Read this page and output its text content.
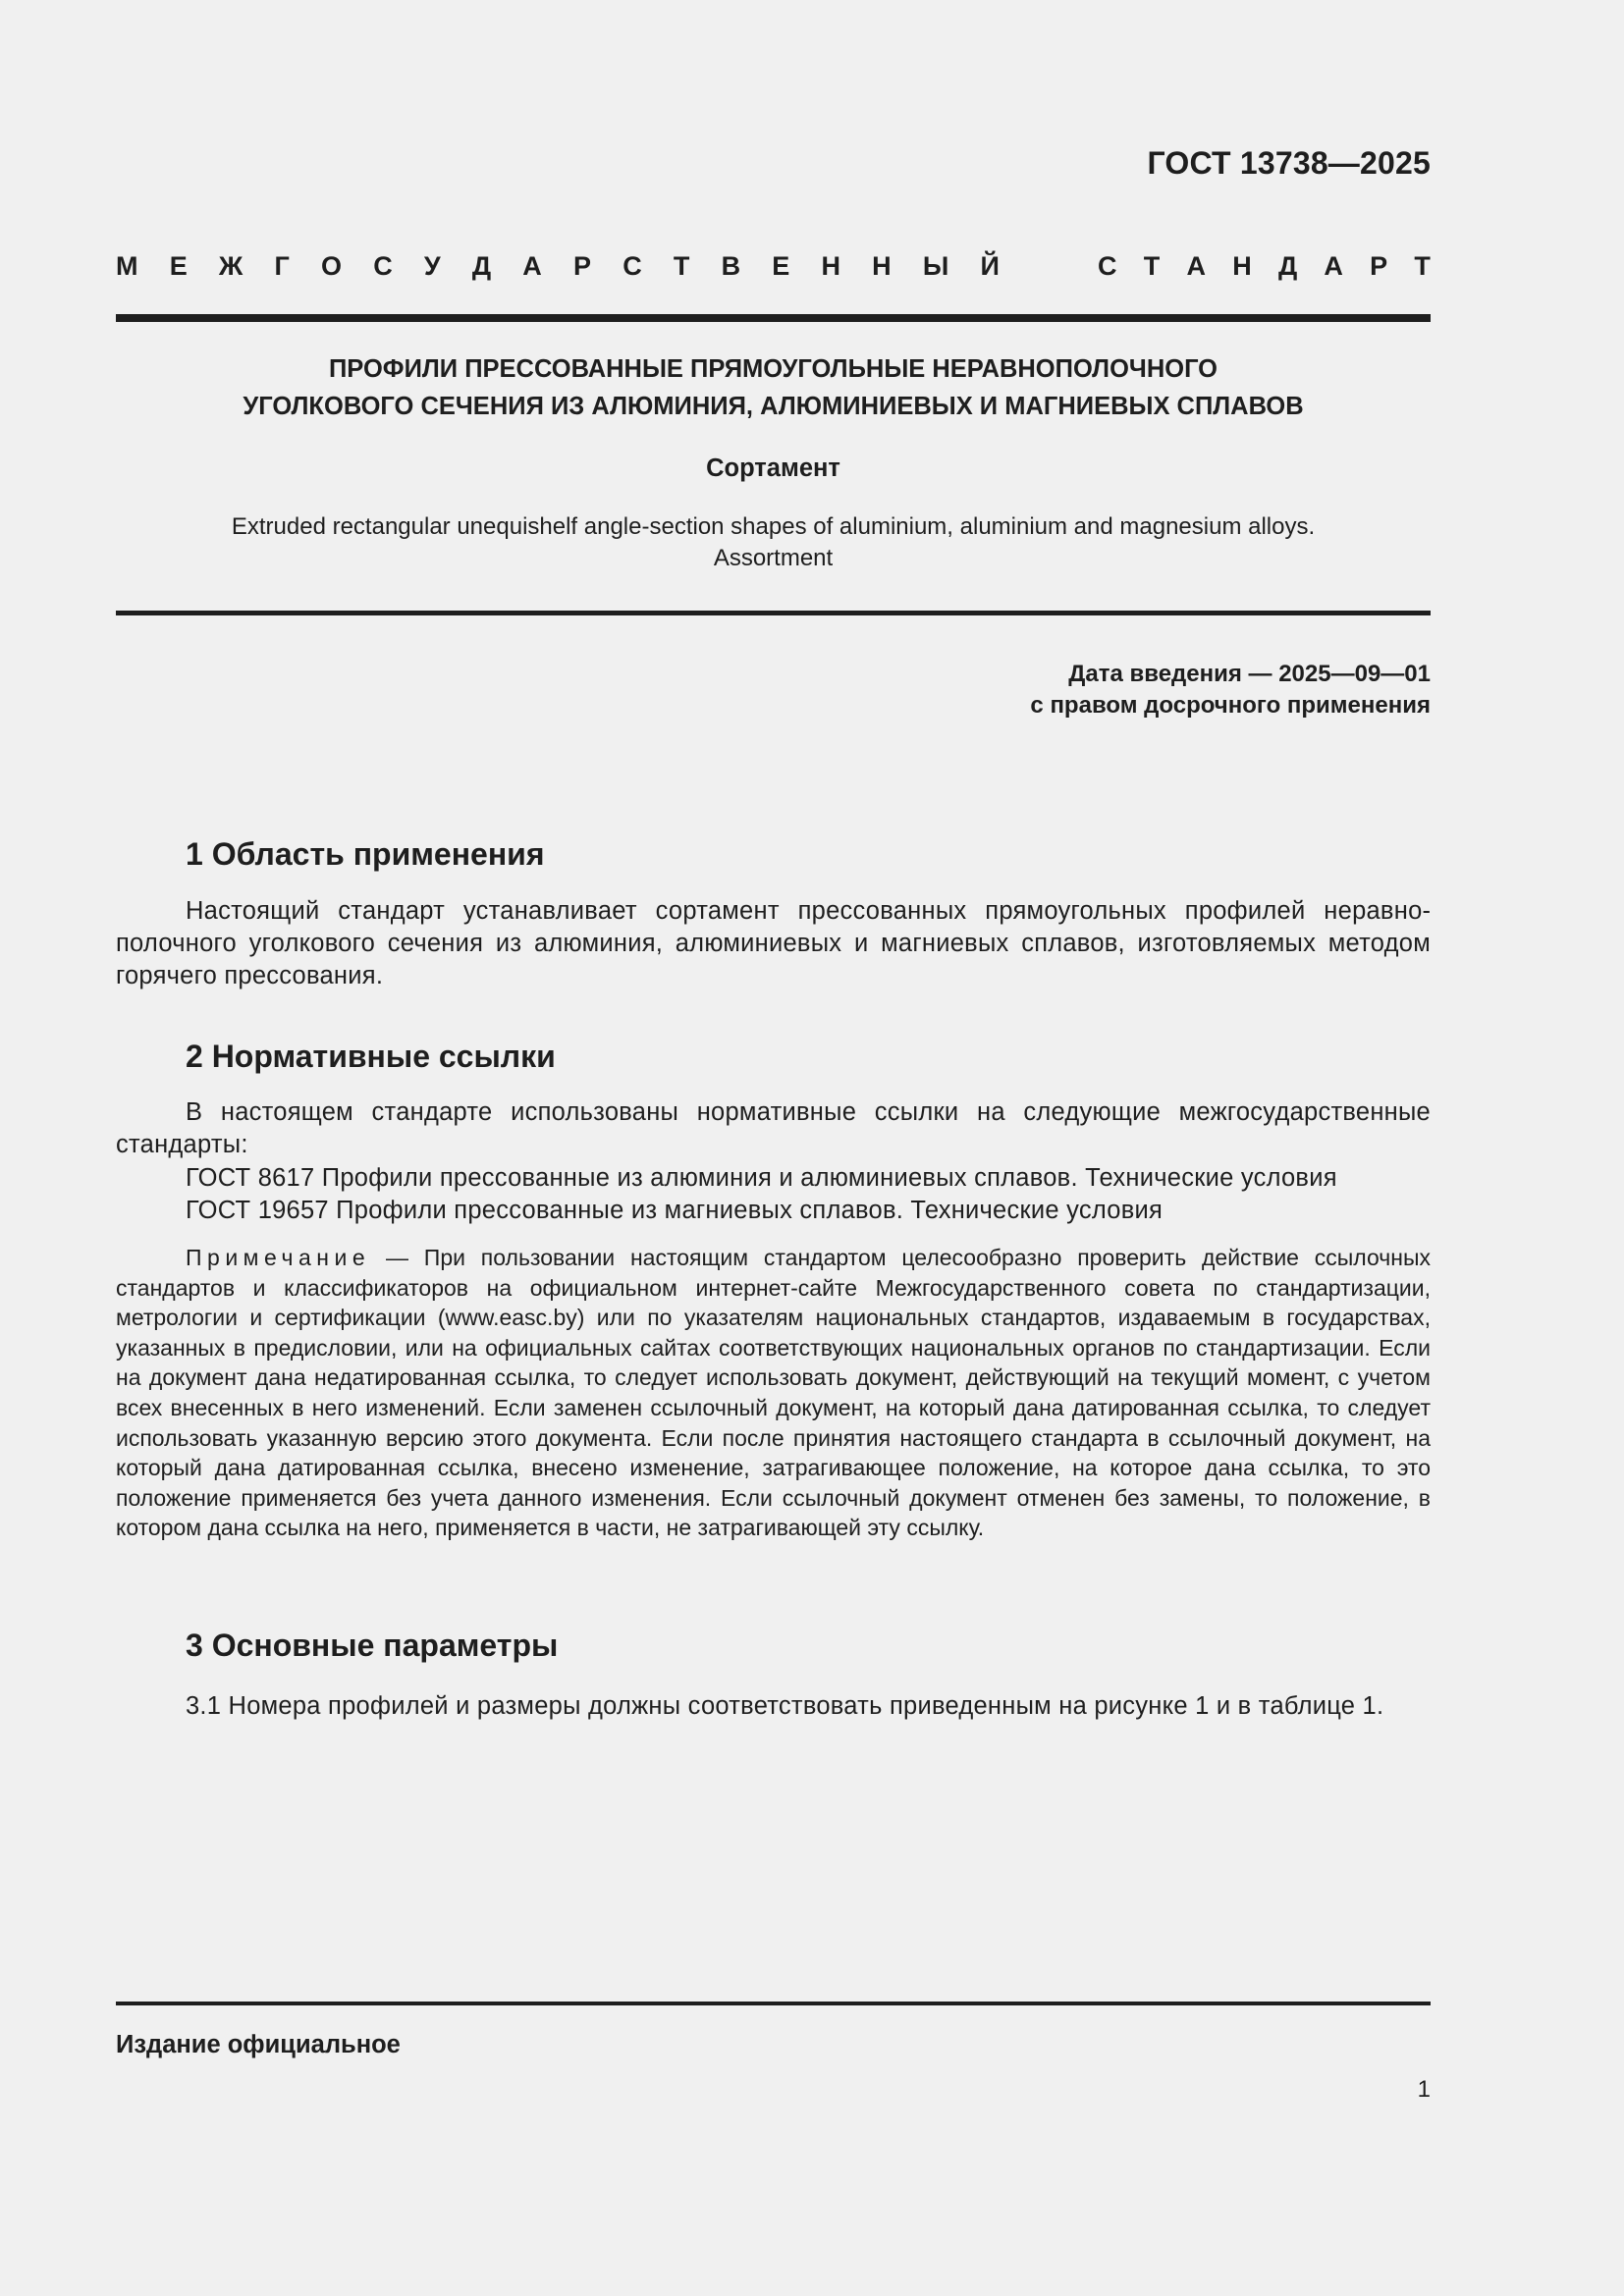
ГОСТ 13738—2025
М Е Ж Г О С У Д А Р С Т В Е Н Н Ы Й	С Т А Н Д А Р Т
ПРОФИЛИ ПРЕССОВАННЫЕ ПРЯМОУГОЛЬНЫЕ НЕРАВНОПОЛОЧНОГО
УГОЛКОВОГО СЕЧЕНИЯ ИЗ АЛЮМИНИЯ, АЛЮМИНИЕВЫХ И МАГНИЕВЫХ СПЛАВОВ
Сортамент
Extruded rectangular unequishelf angle-section shapes of aluminium, aluminium and magnesium alloys.
Assortment
Дата введения — 2025—09—01
с правом досрочного применения
1 Область применения
Настоящий стандарт устанавливает сортамент прессованных прямоугольных профилей неравнополочного уголкового сечения из алюминия, алюминиевых и магниевых сплавов, изготовляемых методом горячего прессования.
2 Нормативные ссылки
В настоящем стандарте использованы нормативные ссылки на следующие межгосударственные стандарты:
ГОСТ 8617 Профили прессованные из алюминия и алюминиевых сплавов. Технические условия
ГОСТ 19657 Профили прессованные из магниевых сплавов. Технические условия
Примечание — При пользовании настоящим стандартом целесообразно проверить действие ссылочных стандартов и классификаторов на официальном интернет-сайте Межгосударственного совета по стандартизации, метрологии и сертификации (www.easc.by) или по указателям национальных стандартов, издаваемым в государствах, указанных в предисловии, или на официальных сайтах соответствующих национальных органов по стандартизации. Если на документ дана недатированная ссылка, то следует использовать документ, действующий на текущий момент, с учетом всех внесенных в него изменений. Если заменен ссылочный документ, на который дана датированная ссылка, то следует использовать указанную версию этого документа. Если после принятия настоящего стандарта в ссылочный документ, на который дана датированная ссылка, внесено изменение, затрагивающее положение, на которое дана ссылка, то это положение применяется без учета данного изменения. Если ссылочный документ отменен без замены, то положение, в котором дана ссылка на него, применяется в части, не затрагивающей эту ссылку.
3 Основные параметры
3.1 Номера профилей и размеры должны соответствовать приведенным на рисунке 1 и в таблице 1.
Издание официальное
1
